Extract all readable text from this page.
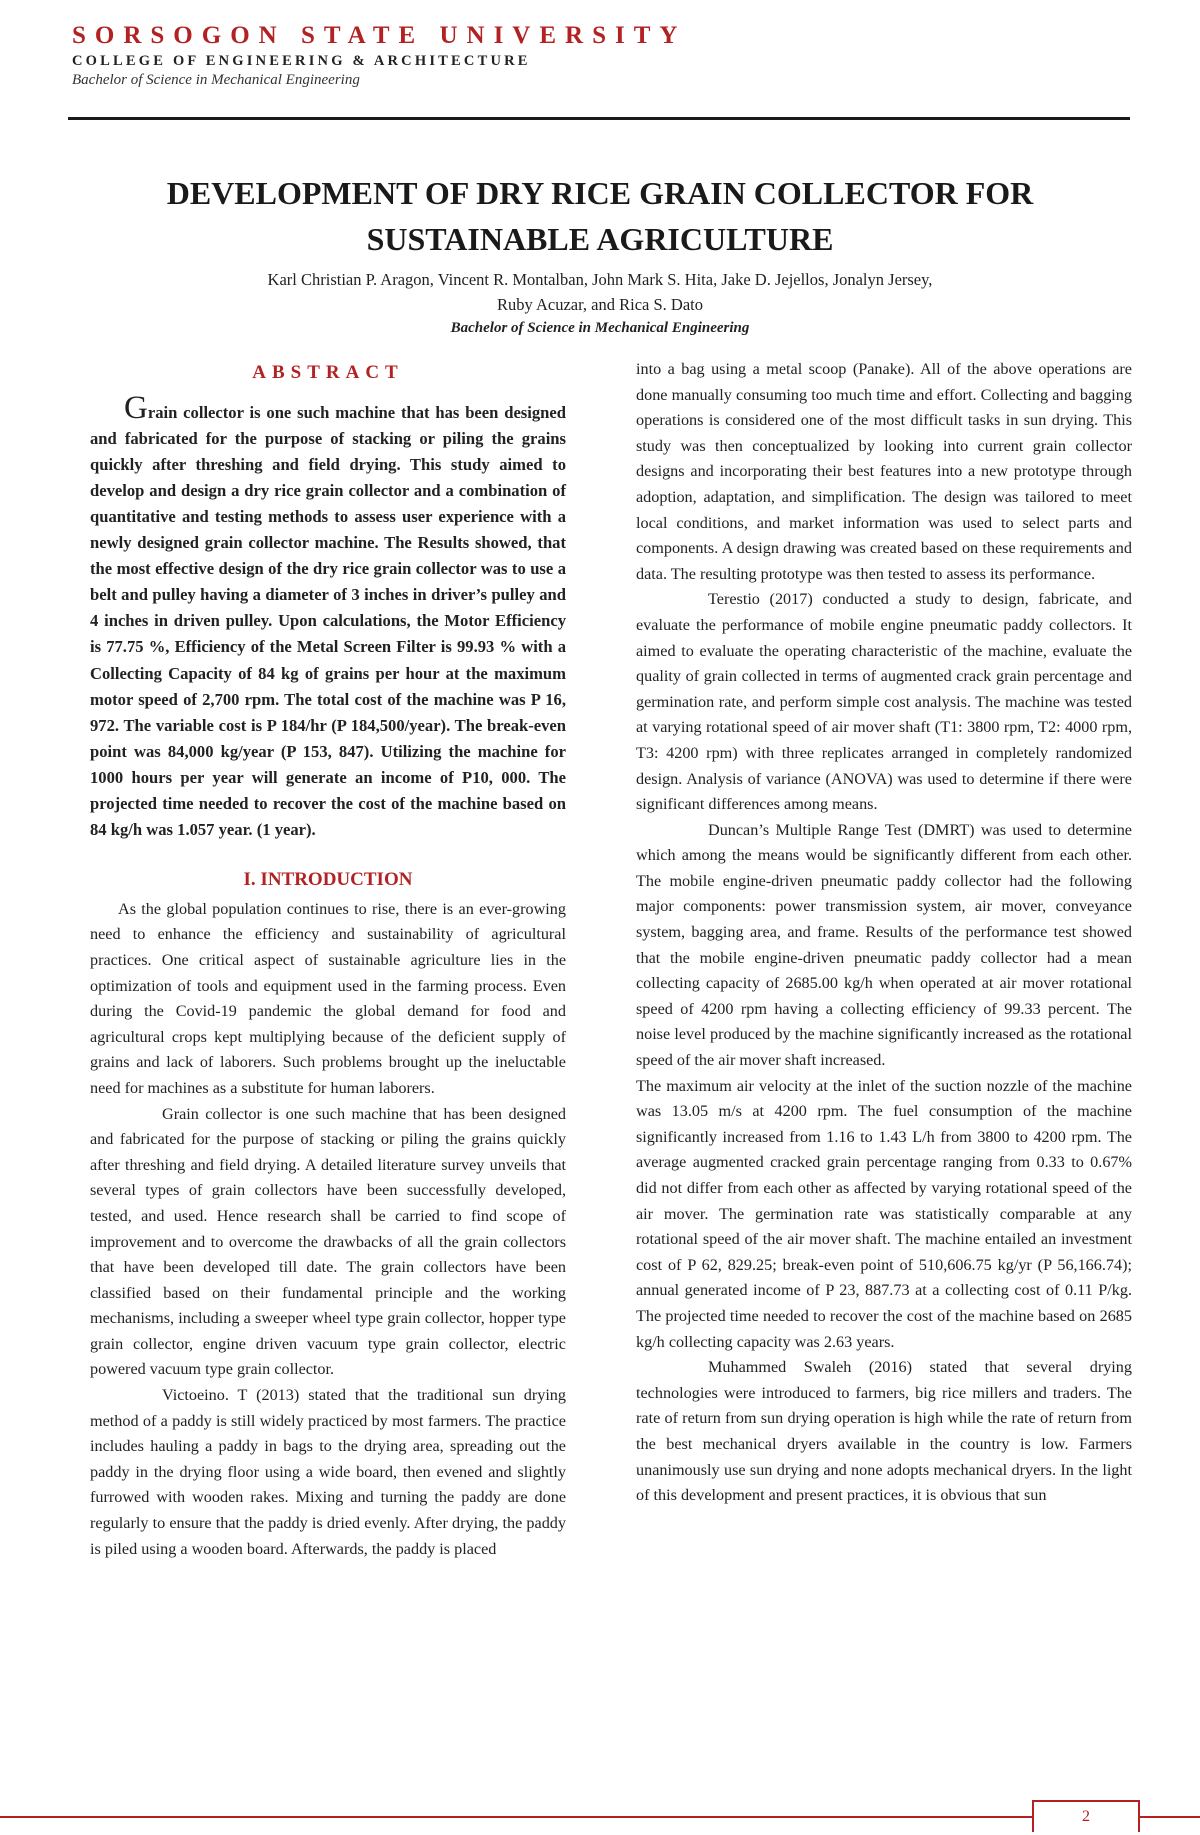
SORSOGON STATE UNIVERSITY
COLLEGE OF ENGINEERING & ARCHITECTURE
Bachelor of Science in Mechanical Engineering
DEVELOPMENT OF DRY RICE GRAIN COLLECTOR FOR
SUSTAINABLE AGRICULTURE
Karl Christian P. Aragon, Vincent R. Montalban, John Mark S. Hita, Jake D. Jejellos, Jonalyn Jersey,
Ruby Acuzar, and Rica S. Dato
Bachelor of Science in Mechanical Engineering
ABSTRACT

Grain collector is one such machine that has been designed and fabricated for the purpose of stacking or piling the grains quickly after threshing and field drying. This study aimed to develop and design a dry rice grain collector and a combination of quantitative and testing methods to assess user experience with a newly designed grain collector machine. The Results showed, that the most effective design of the dry rice grain collector was to use a belt and pulley having a diameter of 3 inches in driver’s pulley and 4 inches in driven pulley. Upon calculations, the Motor Efficiency is 77.75 %, Efficiency of the Metal Screen Filter is 99.93 % with a Collecting Capacity of 84 kg of grains per hour at the maximum motor speed of 2,700 rpm. The total cost of the machine was P 16, 972. The variable cost is P 184/hr (P 184,500/year). The break-even point was 84,000 kg/year (P 153, 847). Utilizing the machine for 1000 hours per year will generate an income of P10, 000. The projected time needed to recover the cost of the machine based on 84 kg/h was 1.057 year. (1 year).

I. INTRODUCTION

As the global population continues to rise, there is an ever-growing need to enhance the efficiency and sustainability of agricultural practices. One critical aspect of sustainable agriculture lies in the optimization of tools and equipment used in the farming process. Even during the Covid-19 pandemic the global demand for food and agricultural crops kept multiplying because of the deficient supply of grains and lack of laborers. Such problems brought up the ineluctable need for machines as a substitute for human laborers.

Grain collector is one such machine that has been designed and fabricated for the purpose of stacking or piling the grains quickly after threshing and field drying. A detailed literature survey unveils that several types of grain collectors have been successfully developed, tested, and used. Hence research shall be carried to find scope of improvement and to overcome the drawbacks of all the grain collectors that have been developed till date. The grain collectors have been classified based on their fundamental principle and the working mechanisms, including a sweeper wheel type grain collector, hopper type grain collector, engine driven vacuum type grain collector, electric powered vacuum type grain collector.

Victoeino. T (2013) stated that the traditional sun drying method of a paddy is still widely practiced by most farmers. The practice includes hauling a paddy in bags to the drying area, spreading out the paddy in the drying floor using a wide board, then evened and slightly furrowed with wooden rakes. Mixing and turning the paddy are done regularly to ensure that the paddy is dried evenly. After drying, the paddy is piled using a wooden board. Afterwards, the paddy is placed

into a bag using a metal scoop (Panake). All of the above operations are done manually consuming too much time and effort. Collecting and bagging operations is considered one of the most difficult tasks in sun drying. This study was then conceptualized by looking into current grain collector designs and incorporating their best features into a new prototype through adoption, adaptation, and simplification. The design was tailored to meet local conditions, and market information was used to select parts and components. A design drawing was created based on these requirements and data. The resulting prototype was then tested to assess its performance.

Terestio (2017) conducted a study to design, fabricate, and evaluate the performance of mobile engine pneumatic paddy collectors. It aimed to evaluate the operating characteristic of the machine, evaluate the quality of grain collected in terms of augmented crack grain percentage and germination rate, and perform simple cost analysis. The machine was tested at varying rotational speed of air mover shaft (T1: 3800 rpm, T2: 4000 rpm, T3: 4200 rpm) with three replicates arranged in completely randomized design. Analysis of variance (ANOVA) was used to determine if there were significant differences among means.

Duncan’s Multiple Range Test (DMRT) was used to determine which among the means would be significantly different from each other. The mobile engine-driven pneumatic paddy collector had the following major components: power transmission system, air mover, conveyance system, bagging area, and frame. Results of the performance test showed that the mobile engine-driven pneumatic paddy collector had a mean collecting capacity of 2685.00 kg/h when operated at air mover rotational speed of 4200 rpm having a collecting efficiency of 99.33 percent. The noise level produced by the machine significantly increased as the rotational speed of the air mover shaft increased.

The maximum air velocity at the inlet of the suction nozzle of the machine was 13.05 m/s at 4200 rpm. The fuel consumption of the machine significantly increased from 1.16 to 1.43 L/h from 3800 to 4200 rpm. The average augmented cracked grain percentage ranging from 0.33 to 0.67% did not differ from each other as affected by varying rotational speed of the air mover. The germination rate was statistically comparable at any rotational speed of the air mover shaft. The machine entailed an investment cost of P 62, 829.25; break-even point of 510,606.75 kg/yr (P 56,166.74); annual generated income of P 23, 887.73 at a collecting cost of 0.11 P/kg. The projected time needed to recover the cost of the machine based on 2685 kg/h collecting capacity was 2.63 years.

Muhammed Swaleh (2016) stated that several drying technologies were introduced to farmers, big rice millers and traders. The rate of return from sun drying operation is high while the rate of return from the best mechanical dryers available in the country is low. Farmers unanimously use sun drying and none adopts mechanical dryers. In the light of this development and present practices, it is obvious that sun

2
